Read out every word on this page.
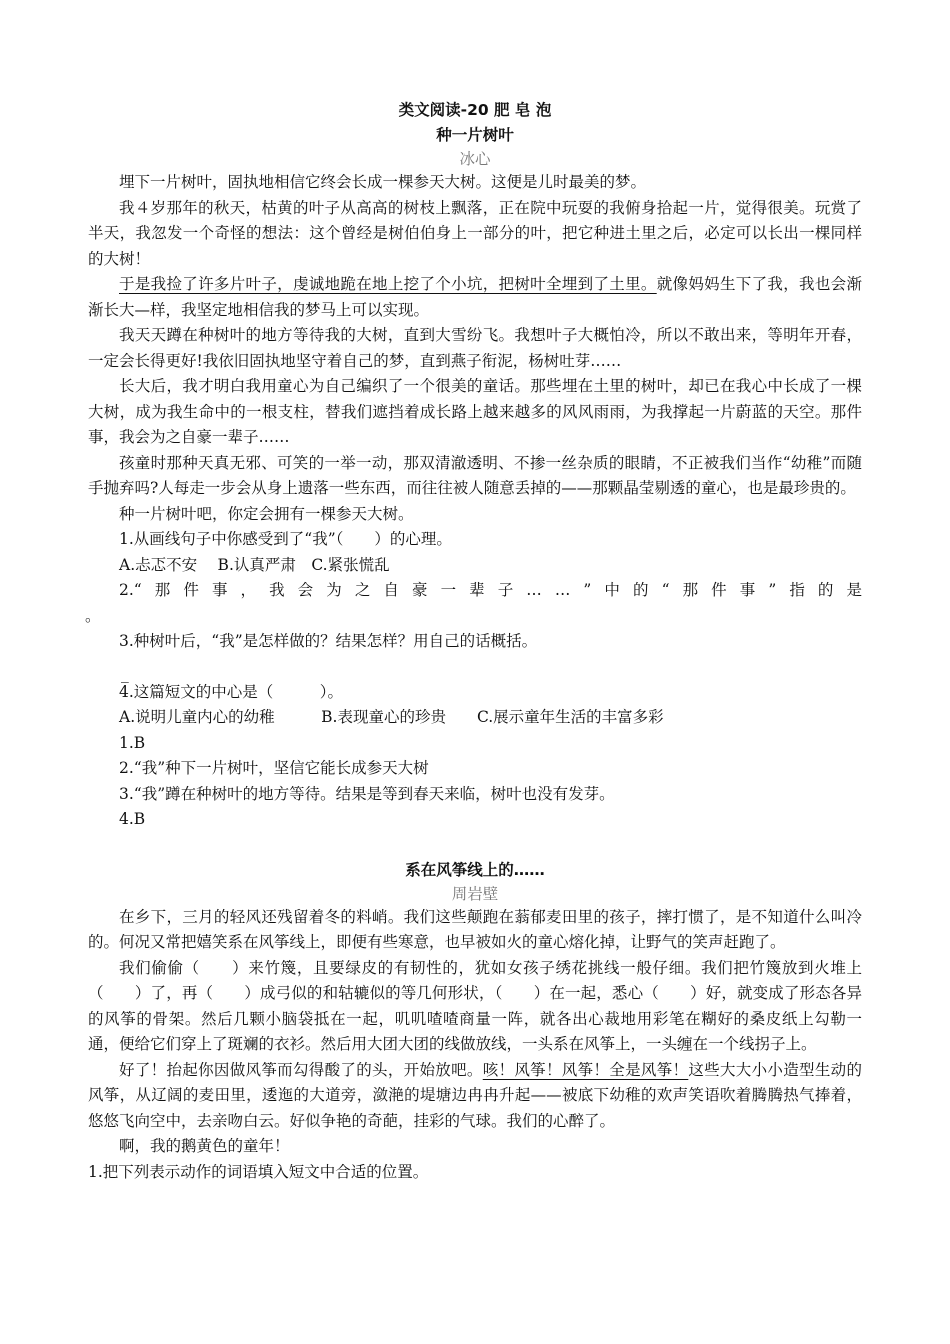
类文阅读-20 肥 皂 泡
种一片树叶
冰心

埋下一片树叶，固执地相信它终会长成一棵参天大树。这便是儿时最美的梦。

我４岁那年的秋天，枯黄的叶子从高高的树枝上飘落，正在院中玩耍的我俯身拾起一片，觉得很美。玩赏了半天，我忽发一个奇怪的想法：这个曾经是树伯伯身上一部分的叶，把它种进土里之后，必定可以长出一棵同样的大树！

于是我捡了许多片叶子，虔诚地跪在地上挖了个小坑，把树叶全埋到了土里。就像妈妈生下了我，我也会渐渐长大—样，我坚定地相信我的梦马上可以实现。

我天天蹲在种树叶的地方等待我的大树，直到大雪纷飞。我想叶子大概怕冷，所以不敢出来，等明年开春，一定会长得更好!我依旧固执地坚守着自己的梦，直到燕子衔泥，杨树吐芽……

长大后，我才明白我用童心为自己编织了一个很美的童话。那些埋在土里的树叶，却已在我心中长成了一棵大树，成为我生命中的一根支柱，替我们遮挡着成长路上越来越多的风风雨雨，为我撑起一片蔚蓝的天空。那件事，我会为之自豪一辈子……

孩童时那种天真无邪、可笑的一举一动，那双清澈透明、不掺一丝杂质的眼睛，不正被我们当作“幼稚”而随手抛弃吗?人每走一步会从身上遗落一些东西，而往往被人随意丢掉的——那颗晶莹剔透的童心，也是最珍贵的。

种一片树叶吧，你定会拥有一棵参天大树。

1.从画线句子中你感受到了“我”（　　）的心理。

A.忐忑不安　 B.认真严肃　C.紧张慌乱

2.“ 那 件 事 ， 我 会 为 之 自 豪 一 辈 子 … … ” 中 的 “ 那 件 事 ” 指 的 是

。

3.种树叶后，“我”是怎样做的？结果怎样？用自己的话概括。

_

4.这篇短文的中心是（　　　）。

A.说明儿童内心的幼稚　　　B.表现童心的珍贵　　C.展示童年生活的丰富多彩

1.B

2.“我”种下一片树叶，坚信它能长成参天大树

3.“我”蹲在种树叶的地方等待。结果是等到春天来临，树叶也没有发芽。

4.B

系在风筝线上的……
周岩壁

在乡下，三月的轻风还残留着冬的料峭。我们这些颠跑在蓊郁麦田里的孩子，摔打惯了，是不知道什么叫冷的。何况又常把嬉笑系在风筝线上，即便有些寒意，也早被如火的童心熔化掉，让野气的笑声赶跑了。

我们偷偷（　　）来竹篾，且要绿皮的有韧性的，犹如女孩子绣花挑线一般仔细。我们把竹篾放到火堆上（　　）了，再（　　）成弓似的和轱辘似的等几何形状，（　　）在一起，悉心（　　）好，就变成了形态各异的风筝的骨架。然后几颗小脑袋抵在一起，叽叽喳喳商量一阵，就各出心裁地用彩笔在糊好的桑皮纸上勾勒一通，便给它们穿上了斑斓的衣衫。然后用大团大团的线做放线，一头系在风筝上，一头缠在一个线拐子上。

好了！抬起你因做风筝而勾得酸了的头，开始放吧。咳！风筝！风筝！全是风筝！这些大大小小造型生动的风筝，从辽阔的麦田里，逶迤的大道旁，潋滟的堤塘边冉冉升起——被底下幼稚的欢声笑语吹着腾腾热气捧着，悠悠飞向空中，去亲吻白云。好似争艳的奇葩，挂彩的气球。我们的心醉了。

啊，我的鹅黄色的童年！

1.把下列表示动作的词语填入短文中合适的位置。
